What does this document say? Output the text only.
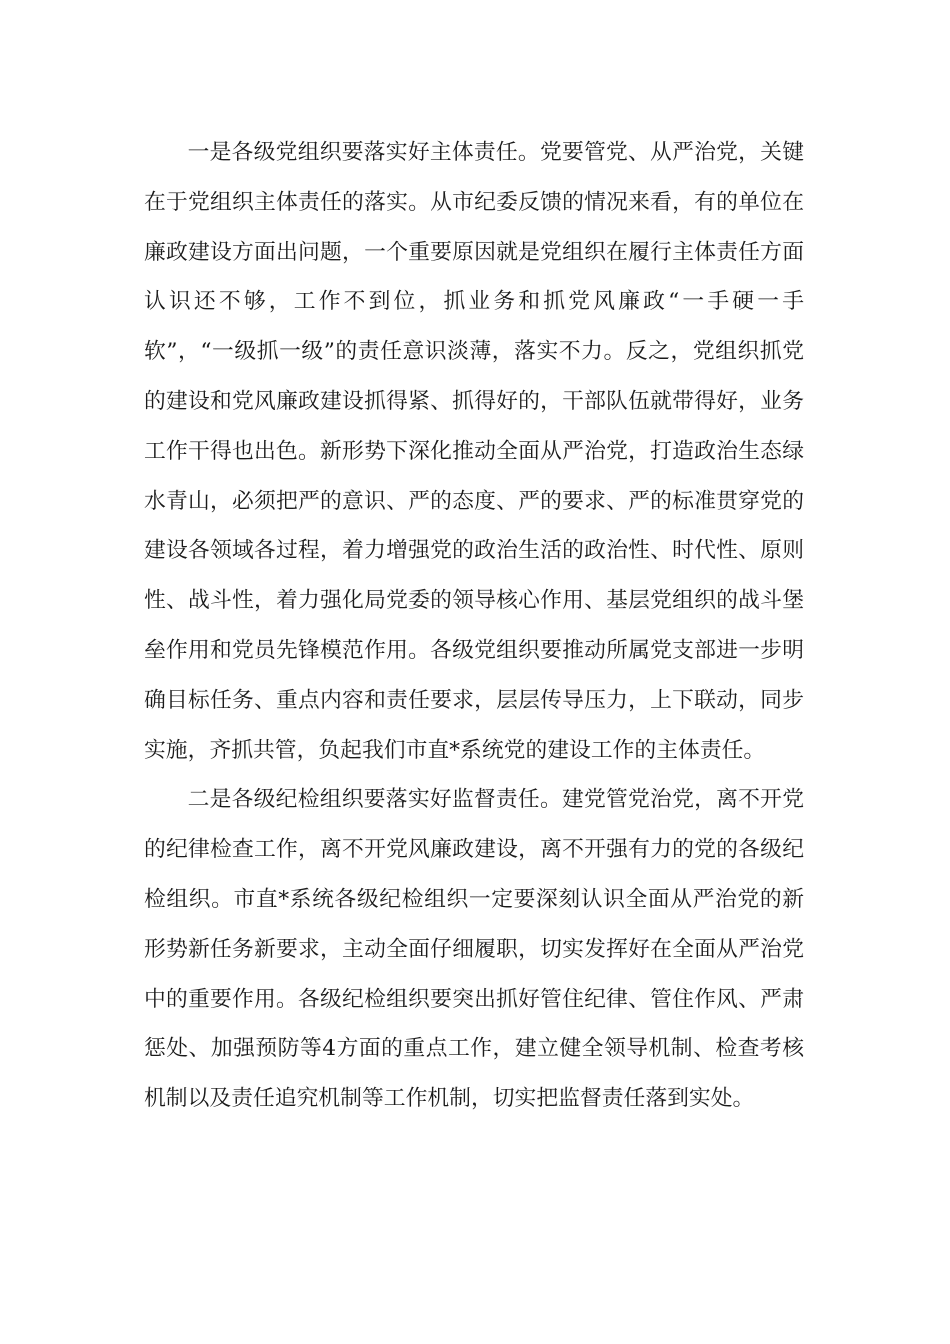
一是各级党组织要落实好主体责任。党要管党、从严治党，关键在于党组织主体责任的落实。从市纪委反馈的情况来看，有的单位在廉政建设方面出问题，一个重要原因就是党组织在履行主体责任方面认识还不够，工作不到位，抓业务和抓党风廉政“一手硬一手软”，“一级抓一级”的责任意识淡薄，落实不力。反之，党组织抓党的建设和党风廉政建设抓得紧、抓得好的，干部队伍就带得好，业务工作干得也出色。新形势下深化推动全面从严治党，打造政治生态绿水青山，必须把严的意识、严的态度、严的要求、严的标准贯穿党的建设各领域各过程，着力增强党的政治生活的政治性、时代性、原则性、战斗性，着力强化局党委的领导核心作用、基层党组织的战斗堡垒作用和党员先锋模范作用。各级党组织要推动所属党支部进一步明确目标任务、重点内容和责任要求，层层传导压力，上下联动，同步实施，齐抓共管，负起我们市直*系统党的建设工作的主体责任。

二是各级纪检组织要落实好监督责任。建党管党治党，离不开党的纪律检查工作，离不开党风廉政建设，离不开强有力的党的各级纪检组织。市直*系统各级纪检组织一定要深刻认识全面从严治党的新形势新任务新要求，主动全面仔细履职，切实发挥好在全面从严治党中的重要作用。各级纪检组织要突出抓好管住纪律、管住作风、严肃惩处、加强预防等4方面的重点工作，建立健全领导机制、检查考核机制以及责任追究机制等工作机制，切实把监督责任落到实处。
